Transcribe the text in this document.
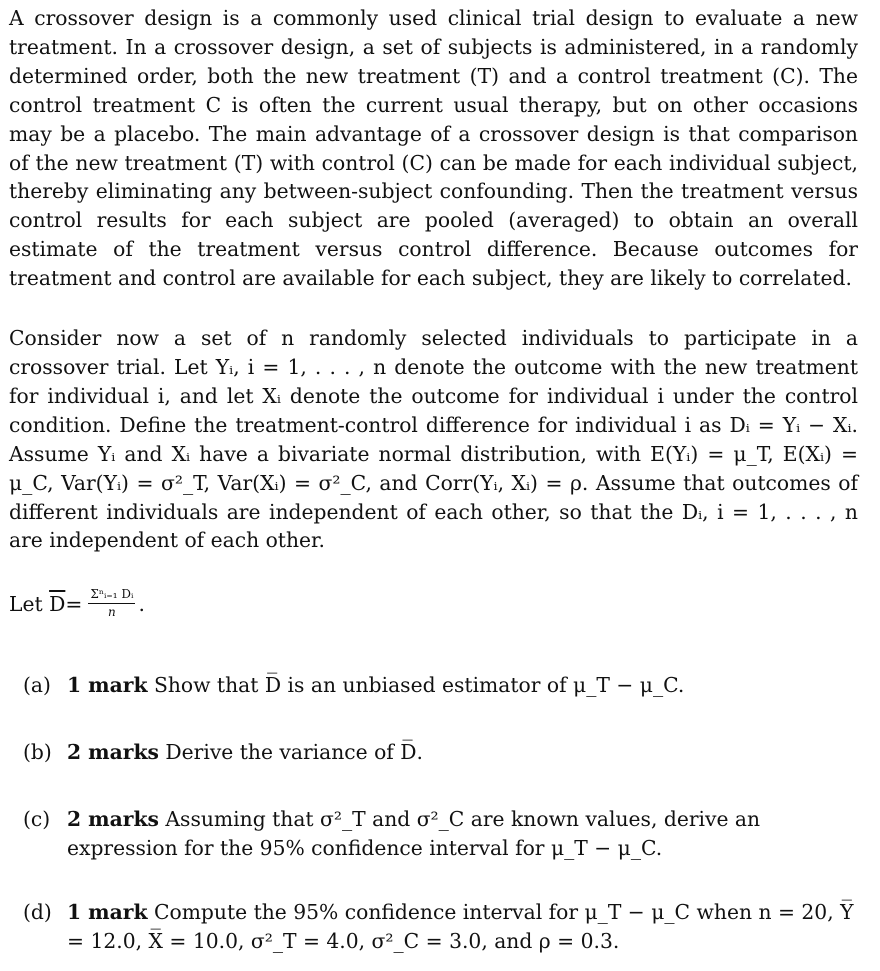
A crossover design is a commonly used clinical trial design to evaluate a new treatment. In a crossover design, a set of subjects is administered, in a randomly determined order, both the new treatment (T) and a control treatment (C). The control treatment C is often the current usual therapy, but on other occasions may be a placebo. The main advantage of a crossover design is that comparison of the new treatment (T) with control (C) can be made for each individual subject, thereby eliminating any between-subject confounding. Then the treatment versus control results for each subject are pooled (averaged) to obtain an overall estimate of the treatment versus control difference. Because outcomes for treatment and control are available for each subject, they are likely to correlated.

Consider now a set of n randomly selected individuals to participate in a crossover trial. Let Yᵢ, i = 1, . . . , n denote the outcome with the new treatment for individual i, and let Xᵢ denote the outcome for individual i under the control condition. Define the treatment-control difference for individual i as Dᵢ = Yᵢ − Xᵢ. Assume Yᵢ and Xᵢ have a bivariate normal distribution, with E(Yᵢ) = μ_T, E(Xᵢ) = μ_C, Var(Yᵢ) = σ²_T, Var(Xᵢ) = σ²_C, and Corr(Yᵢ, Xᵢ) = ρ. Assume that outcomes of different individuals are independent of each other, so that the Dᵢ, i = 1, . . . , n are independent of each other.

Let
$\overline{D} = \frac{\text{Σⁿᵢ₌₁ Dᵢ}}{n}$ .
(a) 1 mark Show that D̅ is an unbiased estimator of μ_T − μ_C.
(b) 2 marks Derive the variance of D̅.
(c) 2 marks Assuming that σ²_T and σ²_C are known values, derive an expression for the 95% confidence interval for μ_T − μ_C.
(d) 1 mark Compute the 95% confidence interval for μ_T − μ_C when n = 20, Y̅ = 12.0, X̅ = 10.0, σ²_T = 4.0, σ²_C = 3.0, and ρ = 0.3.
